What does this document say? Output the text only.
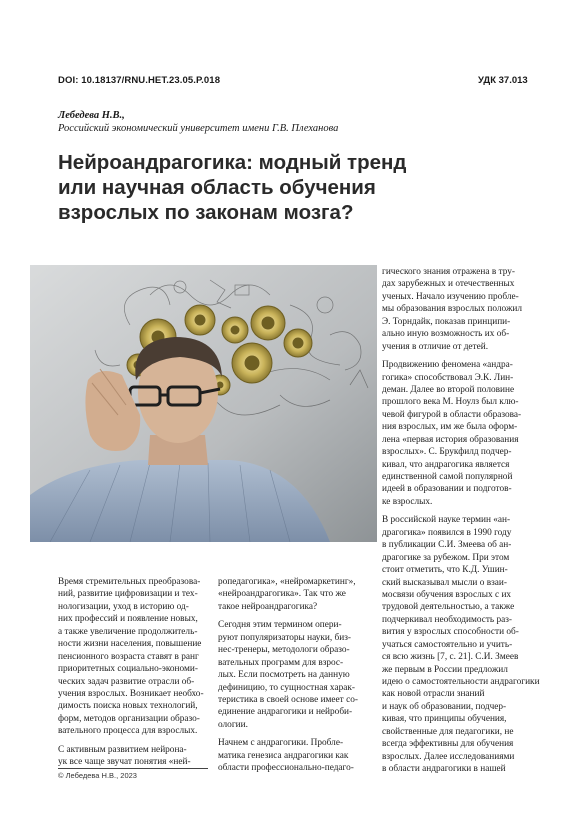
DOI: 10.18137/RNU.HET.23.05.P.018	УДК 37.013
Лебедева Н.В.,
Российский экономический университет имени Г.В. Плеханова
Нейроандрагогика: модный тренд
или научная область обучения
взрослых по законам мозга?
Время стремительных преобразова-
ний, развитие цифровизации и тех-
нологизации, уход в историю од-
них профессий и появление новых,
а также увеличение продолжитель-
ности жизни населения, повышение
пенсионного возраста ставят в ранг
приоритетных социально-экономи-
ческих задач развитие отрасли об-
учения взрослых. Возникает необхо-
димость поиска новых технологий,
форм, методов организации образо-
вательного процесса для взрослых.
С активным развитием нейрона-
ук все чаще звучат понятия «ней-
ропедагогика», «нейромаркетинг»,
«нейроандрагогика». Так что же
такое нейроандрагогика?
Сегодня этим термином опери-
руют популяризаторы науки, биз-
нес-тренеры, методологи образо-
вательных программ для взрос-
лых. Если посмотреть на данную
дефиницию, то сущностная харак-
теристика в своей основе имеет со-
единение андрагогики и нейроби-
ологии.
Начнем с андрагогики. Пробле-
матика генезиса андрагогики как
области профессионально-педаго-
гического знания отражена в тру-
дах зарубежных и отечественных
ученых. Начало изучению пробле-
мы образования взрослых положил
Э. Торндайк, показав принципи-
ально иную возможность их об-
учения в отличие от детей.
Продвижению феномена «андра-
гогика» способствовал Э.К. Лин-
деман. Далее во второй половине
прошлого века М. Ноулз был клю-
чевой фигурой в области образова-
ния взрослых, им же была оформ-
лена «первая история образования
взрослых». С. Брукфилд подчер-
кивал, что андрагогика является
единственной самой популярной
идеей в образовании и подготов-
ке взрослых.
В российской науке термин «ан-
драгогика» появился в 1990 году
в публикации С.И. Змеева об ан-
драгогике за рубежом. При этом
стоит отметить, что К.Д. Ушин-
ский высказывал мысли о взаи-
мосвязи обучения взрослых с их
трудовой деятельностью, а также
подчеркивал необходимость раз-
вития у взрослых способности об-
учаться самостоятельно и учить-
ся всю жизнь [7, с. 21]. С.И. Змеев
же первым в России предложил
идею о самостоятельности андрагогики
как новой отрасли знаний
и наук об образовании, подчер-
кивая, что принципы обучения,
свойственные для педагогики, не
всегда эффективны для обучения
взрослых. Далее исследованиями
в области андрагогики в нашей
© Лебедева Н.В., 2023
